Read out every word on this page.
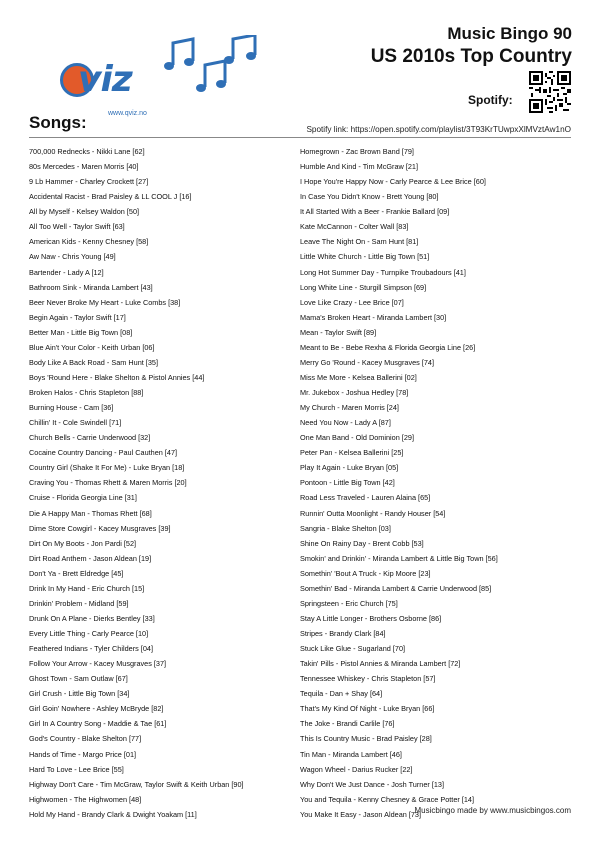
viz
www.qviz.no

Music Bingo 90

US 2010s Top Country

Spotify:
Songs:	Spotify link: https://open.spotify.com/playlist/3T93KrTUwpxXlMVztAw1nO
700,000 Rednecks - Nikki Lane [62]
80s Mercedes - Maren Morris [40]
9 Lb Hammer - Charley Crockett [27]
Accidental Racist - Brad Paisley & LL COOL J [16]
All by Myself - Kelsey Waldon [50]
All Too Well - Taylor Swift [63]
American Kids - Kenny Chesney [58]
Aw Naw - Chris Young [49]
Bartender - Lady A [12]
Bathroom Sink - Miranda Lambert [43]
Beer Never Broke My Heart - Luke Combs [38]
Begin Again - Taylor Swift [17]
Better Man - Little Big Town [08]
Blue Ain't Your Color - Keith Urban [06]
Body Like A Back Road - Sam Hunt [35]
Boys 'Round Here - Blake Shelton & Pistol Annies [44]
Broken Halos - Chris Stapleton [88]
Burning House - Cam [36]
Chillin' It - Cole Swindell [71]
Church Bells - Carrie Underwood [32]
Cocaine Country Dancing - Paul Cauthen [47]
Country Girl (Shake It For Me) - Luke Bryan [18]
Craving You - Thomas Rhett & Maren Morris [20]
Cruise - Florida Georgia Line [31]
Die A Happy Man - Thomas Rhett [68]
Dime Store Cowgirl - Kacey Musgraves [39]
Dirt On My Boots - Jon Pardi [52]
Dirt Road Anthem - Jason Aldean [19]
Don't Ya - Brett Eldredge [45]
Drink In My Hand - Eric Church [15]
Drinkin' Problem - Midland [59]
Drunk On A Plane - Dierks Bentley [33]
Every Little Thing - Carly Pearce [10]
Feathered Indians - Tyler Childers [04]
Follow Your Arrow - Kacey Musgraves [37]
Ghost Town - Sam Outlaw [67]
Girl Crush - Little Big Town [34]
Girl Goin' Nowhere - Ashley McBryde [82]
Girl In A Country Song - Maddie & Tae [61]
God's Country - Blake Shelton [77]
Hands of Time - Margo Price [01]
Hard To Love - Lee Brice [55]
Highway Don't Care - Tim McGraw, Taylor Swift & Keith Urban [90]
Highwomen - The Highwomen [48]
Hold My Hand - Brandy Clark & Dwight Yoakam [11]
Homegrown - Zac Brown Band [79]
Humble And Kind - Tim McGraw [21]
I Hope You're Happy Now - Carly Pearce & Lee Brice [60]
In Case You Didn't Know - Brett Young [80]
It All Started With a Beer - Frankie Ballard [09]
Kate McCannon - Colter Wall [83]
Leave The Night On - Sam Hunt [81]
Little White Church - Little Big Town [51]
Long Hot Summer Day - Turnpike Troubadours [41]
Long White Line - Sturgill Simpson [69]
Love Like Crazy - Lee Brice [07]
Mama's Broken Heart - Miranda Lambert [30]
Mean - Taylor Swift [89]
Meant to Be - Bebe Rexha & Florida Georgia Line [26]
Merry Go 'Round - Kacey Musgraves [74]
Miss Me More - Kelsea Ballerini [02]
Mr. Jukebox - Joshua Hedley [78]
My Church - Maren Morris [24]
Need You Now - Lady A [87]
One Man Band - Old Dominion [29]
Peter Pan - Kelsea Ballerini [25]
Play It Again - Luke Bryan [05]
Pontoon - Little Big Town [42]
Road Less Traveled - Lauren Alaina [65]
Runnin' Outta Moonlight - Randy Houser [54]
Sangria - Blake Shelton [03]
Shine On Rainy Day - Brent Cobb [53]
Smokin' and Drinkin' - Miranda Lambert & Little Big Town [56]
Somethin' 'Bout A Truck - Kip Moore [23]
Somethin' Bad - Miranda Lambert & Carrie Underwood [85]
Springsteen - Eric Church [75]
Stay A Little Longer - Brothers Osborne [86]
Stripes - Brandy Clark [84]
Stuck Like Glue - Sugarland [70]
Takin' Pills - Pistol Annies & Miranda Lambert [72]
Tennessee Whiskey - Chris Stapleton [57]
Tequila - Dan + Shay [64]
That's My Kind Of Night - Luke Bryan [66]
The Joke - Brandi Carlile [76]
This Is Country Music - Brad Paisley [28]
Tin Man - Miranda Lambert [46]
Wagon Wheel - Darius Rucker [22]
Why Don't We Just Dance - Josh Turner [13]
You and Tequila - Kenny Chesney & Grace Potter [14]
You Make It Easy - Jason Aldean [73]
Musicbingo made by www.musicbingos.com
